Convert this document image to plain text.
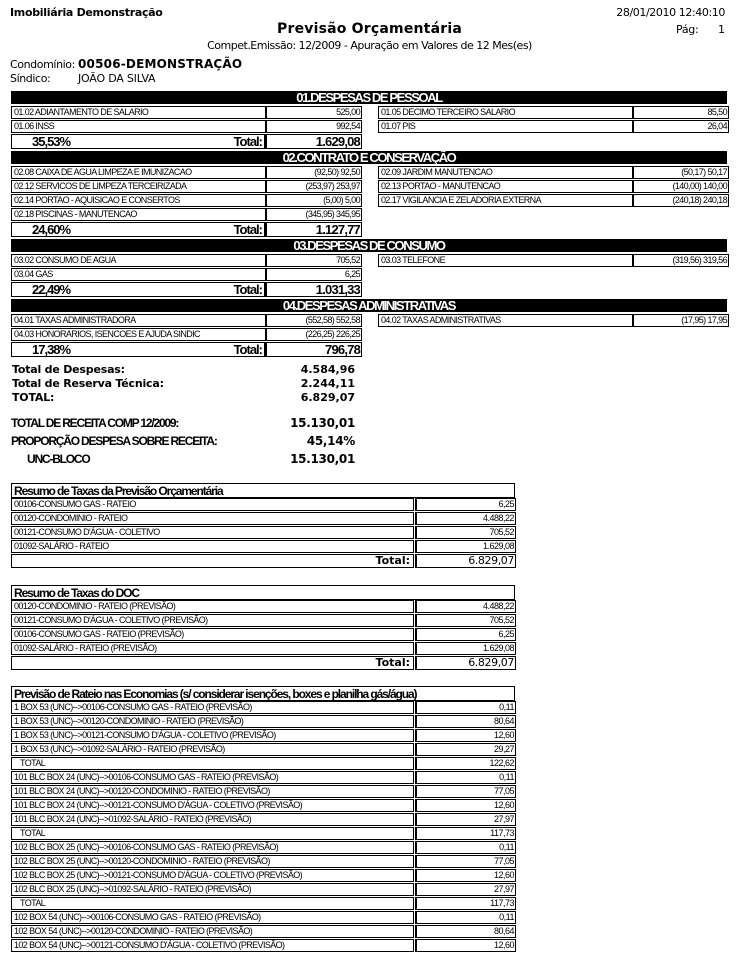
Imobiliária Demonstração	28/01/2010 12:40:10
Pág: 1
Previsão Orçamentária
Compet.Emissão: 12/2009 - Apuração em Valores de 12 Mes(es)
Condomínio: 00506-DEMONSTRAÇÃO
Síndico:	JOÃO DA SILVA
01.DESPESAS DE PESSOAL
01.02 ADIANTAMENTO DE SALARIO	525,00
01.06 INSS	992,54
01.05 DECIMO TERCEIRO SALARIO	85,50
01.07 PIS	26,04
35,53%	Total:	1.629,08
02.CONTRATO E CONSERVAÇÃO
02.08 CAIXA DE AGUA LIMPEZA E IMUNIZACAO	(92,50) 92,50
02.12 SERVICOS DE LIMPEZA TERCEIRIZADA	(253,97) 253,97
02.14 PORTAO - AQUISICAO E CONSERTOS	(5,00) 5,00
02.18 PISCINAS - MANUTENCAO	(345,95) 345,95
02.09 JARDIM MANUTENCAO	(50,17) 50,17
02.13 PORTAO - MANUTENCAO	(140,00) 140,00
02.17 VIGILANCIA E ZELADORIA EXTERNA	(240,18) 240,18
24,60%	Total:	1.127,77
03.DESPESAS DE CONSUMO
03.02 CONSUMO DE AGUA	705,52
03.04 GAS	6,25
03.03 TELEFONE	(319,56) 319,56
22,49%	Total:	1.031,33
04.DESPESAS ADMINISTRATIVAS
04.01 TAXAS ADMINISTRADORA	(552,58) 552,58
04.03 HONORARIOS, ISENCOES E AJUDA SINDIC	(226,25) 226,25
04.02 TAXAS ADMINISTRATIVAS	(17,95) 17,95
17,38%	Total:	796,78
Total de Despesas:	4.584,96
Total de Reserva Técnica:	2.244,11
TOTAL:	6.829,07
TOTAL DE RECEITA COMP 12/2009:	15.130,01
PROPORÇÃO DESPESA SOBRE RECEITA:	45,14%
UNC-BLOCO	15.130,01
Resumo de Taxas da Previsão Orçamentária
00106-CONSUMO GAS - RATEIO	6,25
00120-CONDOMINIO - RATEIO	4.488,22
00121-CONSUMO D'ÁGUA - COLETIVO	705,52
01092-SALÁRIO - RATEIO	1.629,08
Total:	6.829,07
Resumo de Taxas do DOC
00120-CONDOMINIO - RATEIO (PREVISÃO)	4.488,22
00121-CONSUMO D'ÁGUA - COLETIVO (PREVISÃO)	705,52
00106-CONSUMO GAS - RATEIO (PREVISÃO)	6,25
01092-SALÁRIO - RATEIO (PREVISÃO)	1.629,08
Total:	6.829,07
Previsão de Rateio nas Economias (s/ considerar isenções, boxes e planilha gás/água)
1 BOX 53 (UNC)-->00106-CONSUMO GAS - RATEIO (PREVISÃO)	0,11
1 BOX 53 (UNC)-->00120-CONDOMINIO - RATEIO (PREVISÃO)	80,64
1 BOX 53 (UNC)-->00121-CONSUMO D'ÁGUA - COLETIVO (PREVISÃO)	12,60
1 BOX 53 (UNC)-->01092-SALÁRIO - RATEIO (PREVISÃO)	29,27
TOTAL	122,62
101 BLC BOX 24 (UNC)-->00106-CONSUMO GAS - RATEIO (PREVISÃO)	0,11
101 BLC BOX 24 (UNC)-->00120-CONDOMINIO - RATEIO (PREVISÃO)	77,05
101 BLC BOX 24 (UNC)-->00121-CONSUMO D'ÁGUA - COLETIVO (PREVISÃO)	12,60
101 BLC BOX 24 (UNC)-->01092-SALÁRIO - RATEIO (PREVISÃO)	27,97
TOTAL	117,73
102 BLC BOX 25 (UNC)-->00106-CONSUMO GAS - RATEIO (PREVISÃO)	0,11
102 BLC BOX 25 (UNC)-->00120-CONDOMINIO - RATEIO (PREVISÃO)	77,05
102 BLC BOX 25 (UNC)-->00121-CONSUMO D'ÁGUA - COLETIVO (PREVISÃO)	12,60
102 BLC BOX 25 (UNC)-->01092-SALÁRIO - RATEIO (PREVISÃO)	27,97
TOTAL	117,73
102 BOX 54 (UNC)-->00106-CONSUMO GAS - RATEIO (PREVISÃO)	0,11
102 BOX 54 (UNC)-->00120-CONDOMINIO - RATEIO (PREVISÃO)	80,64
102 BOX 54 (UNC)-->00121-CONSUMO D'ÁGUA - COLETIVO (PREVISÃO)	12,60
